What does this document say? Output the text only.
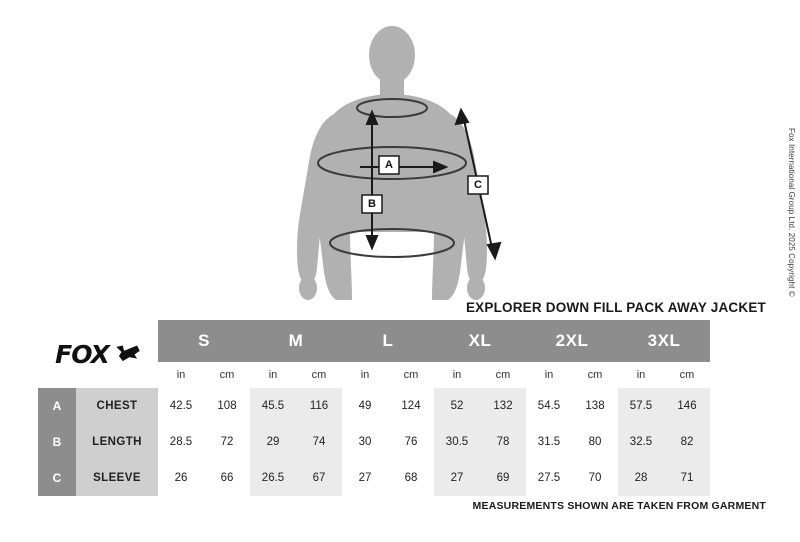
A
B
C
EXPLORER DOWN FILL PACK AWAY JACKET
MEASUREMENTS SHOWN ARE TAKEN FROM GARMENT
Fox International Group Ltd. 2025 Copyright ©
FOX		S		M		L		XL		2XL		3XL	
		in	cm	in	cm	in	cm	in	cm	in	cm	in	cm
A	CHEST	42.5	108	45.5	116	49	124	52	132	54.5	138	57.5	146
B	LENGTH	28.5	72	29	74	30	76	30.5	78	31.5	80	32.5	82
C	SLEEVE	26	66	26.5	67	27	68	27	69	27.5	70	28	71
